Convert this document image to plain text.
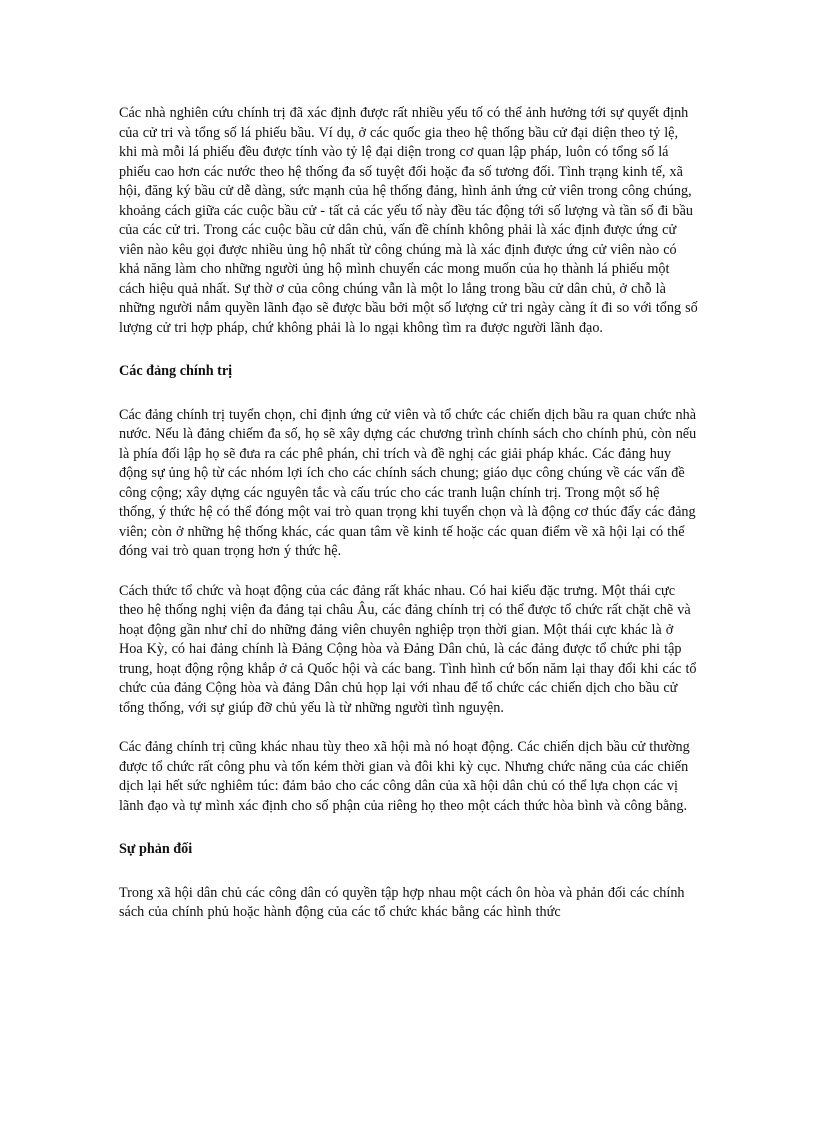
Các nhà nghiên cứu chính trị đã xác định được rất nhiều yếu tố có thể ảnh hưởng tới sự quyết định của cử tri và tổng số lá phiếu bầu. Ví dụ, ở các quốc gia theo hệ thống bầu cử đại diện theo tỷ lệ, khi mà mỗi lá phiếu đều được tính vào tỷ lệ đại diện trong cơ quan lập pháp, luôn có tổng số lá phiếu cao hơn các nước theo hệ thống đa số tuyệt đối hoặc đa số tương đối. Tình trạng kinh tế, xã hội, đăng ký bầu cử dễ dàng, sức mạnh của hệ thống đảng, hình ảnh ứng cử viên trong công chúng, khoảng cách giữa các cuộc bầu cử - tất cả các yếu tố này đều tác động tới số lượng và tần số đi bầu của các cử tri. Trong các cuộc bầu cử dân chủ, vấn đề chính không phải là xác định được ứng cử viên nào kêu gọi được nhiều ủng hộ nhất từ công chúng mà là xác định được ứng cử viên nào có khả năng làm cho những người ủng hộ mình chuyển các mong muốn của họ thành lá phiếu một cách hiệu quả nhất. Sự thờ ơ của công chúng vẫn là một lo lắng trong bầu cử dân chủ, ở chỗ là những người nắm quyền lãnh đạo sẽ được bầu bởi một số lượng cử tri ngày càng ít đi so với tổng số lượng cử tri hợp pháp, chứ không phải là lo ngại không tìm ra được người lãnh đạo.

Các đảng chính trị

Các đảng chính trị tuyển chọn, chỉ định ứng cử viên và tổ chức các chiến dịch bầu ra quan chức nhà nước. Nếu là đảng chiếm đa số, họ sẽ xây dựng các chương trình chính sách cho chính phủ, còn nếu là phía đối lập họ sẽ đưa ra các phê phán, chỉ trích và đề nghị các giải pháp khác. Các đảng huy động sự ủng hộ từ các nhóm lợi ích cho các chính sách chung; giáo dục công chúng về các vấn đề công cộng; xây dựng các nguyên tắc và cấu trúc cho các tranh luận chính trị. Trong một số hệ thống, ý thức hệ có thể đóng một vai trò quan trọng khi tuyển chọn và là động cơ thúc đẩy các đảng viên; còn ở những hệ thống khác, các quan tâm về kinh tế hoặc các quan điểm về xã hội lại có thể đóng vai trò quan trọng hơn ý thức hệ.

Cách thức tổ chức và hoạt động của các đảng rất khác nhau. Có hai kiểu đặc trưng. Một thái cực theo hệ thống nghị viện đa đảng tại châu Âu, các đảng chính trị có thể được tổ chức rất chặt chẽ và hoạt động gần như chỉ do những đảng viên chuyên nghiệp trọn thời gian. Một thái cực khác là ở Hoa Kỳ, có hai đảng chính là Đảng Cộng hòa và Đảng Dân chủ, là các đảng được tổ chức phi tập trung, hoạt động rộng khắp ở cả Quốc hội và các bang. Tình hình cứ bốn năm lại thay đổi khi các tổ chức của đảng Cộng hòa và đảng Dân chủ họp lại với nhau để tổ chức các chiến dịch cho bầu cử tổng thống, với sự giúp đỡ chủ yếu là từ những người tình nguyện.

Các đảng chính trị cũng khác nhau tùy theo xã hội mà nó hoạt động. Các chiến dịch bầu cử thường được tổ chức rất công phu và tốn kém thời gian và đôi khi kỳ cục. Nhưng chức năng của các chiến dịch lại hết sức nghiêm túc: đảm bảo cho các công dân của xã hội dân chủ có thể lựa chọn các vị lãnh đạo và tự mình xác định cho số phận của riêng họ theo một cách thức hòa bình và công bằng.

Sự phản đối

Trong xã hội dân chủ các công dân có quyền tập hợp nhau một cách ôn hòa và phản đối các chính sách của chính phủ hoặc hành động của các tổ chức khác bằng các hình thức
